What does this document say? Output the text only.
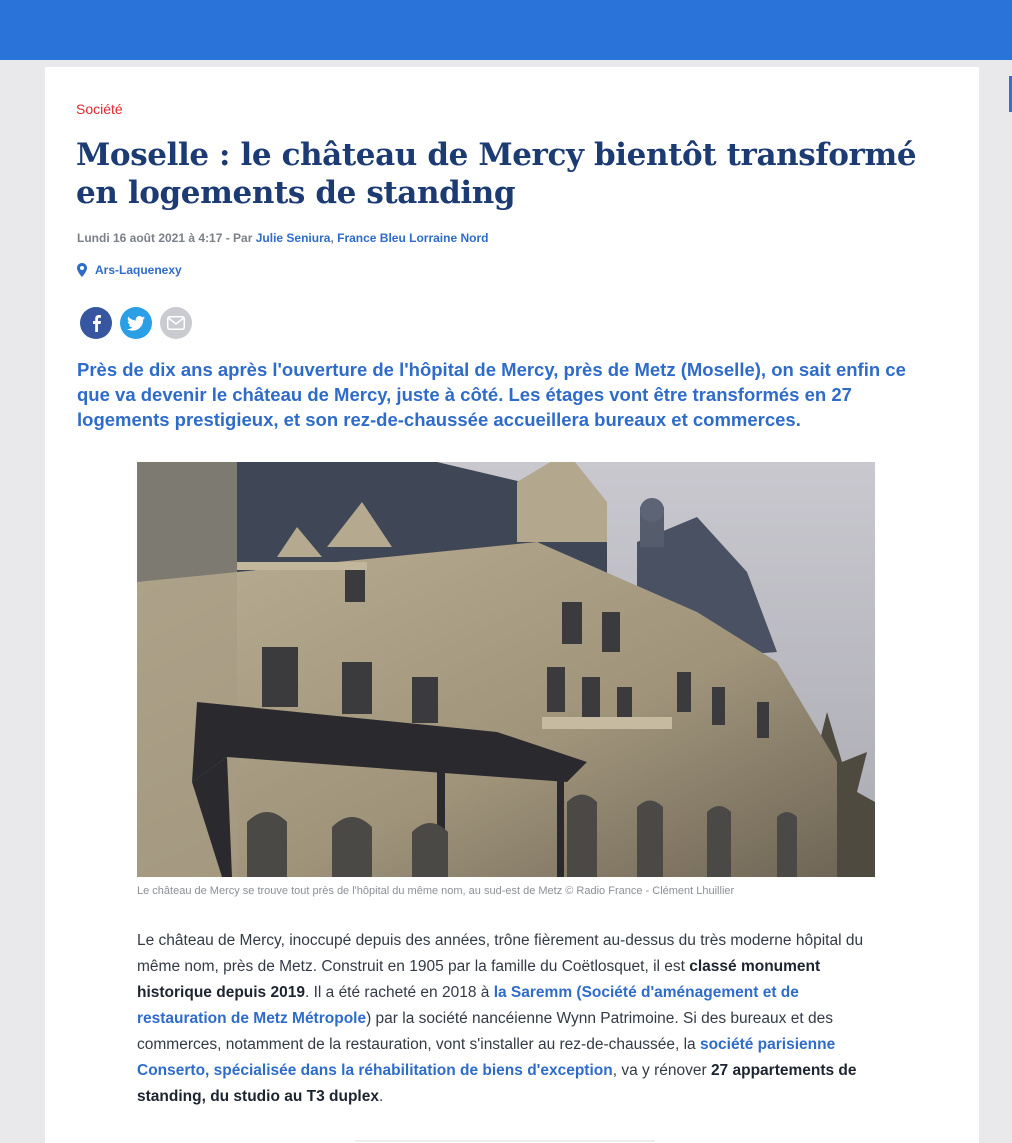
Société
Moselle : le château de Mercy bientôt transformé en logements de standing
Lundi 16 août 2021 à 4:17 - Par Julie Seniura, France Bleu Lorraine Nord
Ars-Laquenexy

Près de dix ans après l'ouverture de l'hôpital de Mercy, près de Metz (Moselle), on sait enfin ce que va devenir le château de Mercy, juste à côté. Les étages vont être transformés en 27 logements prestigieux, et son rez-de-chaussée accueillera bureaux et commerces.

Le château de Mercy se trouve tout près de l'hôpital du même nom, au sud-est de Metz © Radio France - Clément Lhuillier

Le château de Mercy, inoccupé depuis des années, trône fièrement au-dessus du très moderne hôpital du même nom, près de Metz. Construit en 1905 par la famille du Coëtlosquet, il est classé monument historique depuis 2019. Il a été racheté en 2018 à la Saremm (Société d'aménagement et de restauration de Metz Métropole) par la société nancéienne Wynn Patrimoine. Si des bureaux et des commerces, notamment de la restauration, vont s'installer au rez-de-chaussée, la société parisienne Conserto, spécialisée dans la réhabilitation de biens d'exception, va y rénover 27 appartements de standing, du studio au T3 duplex.
